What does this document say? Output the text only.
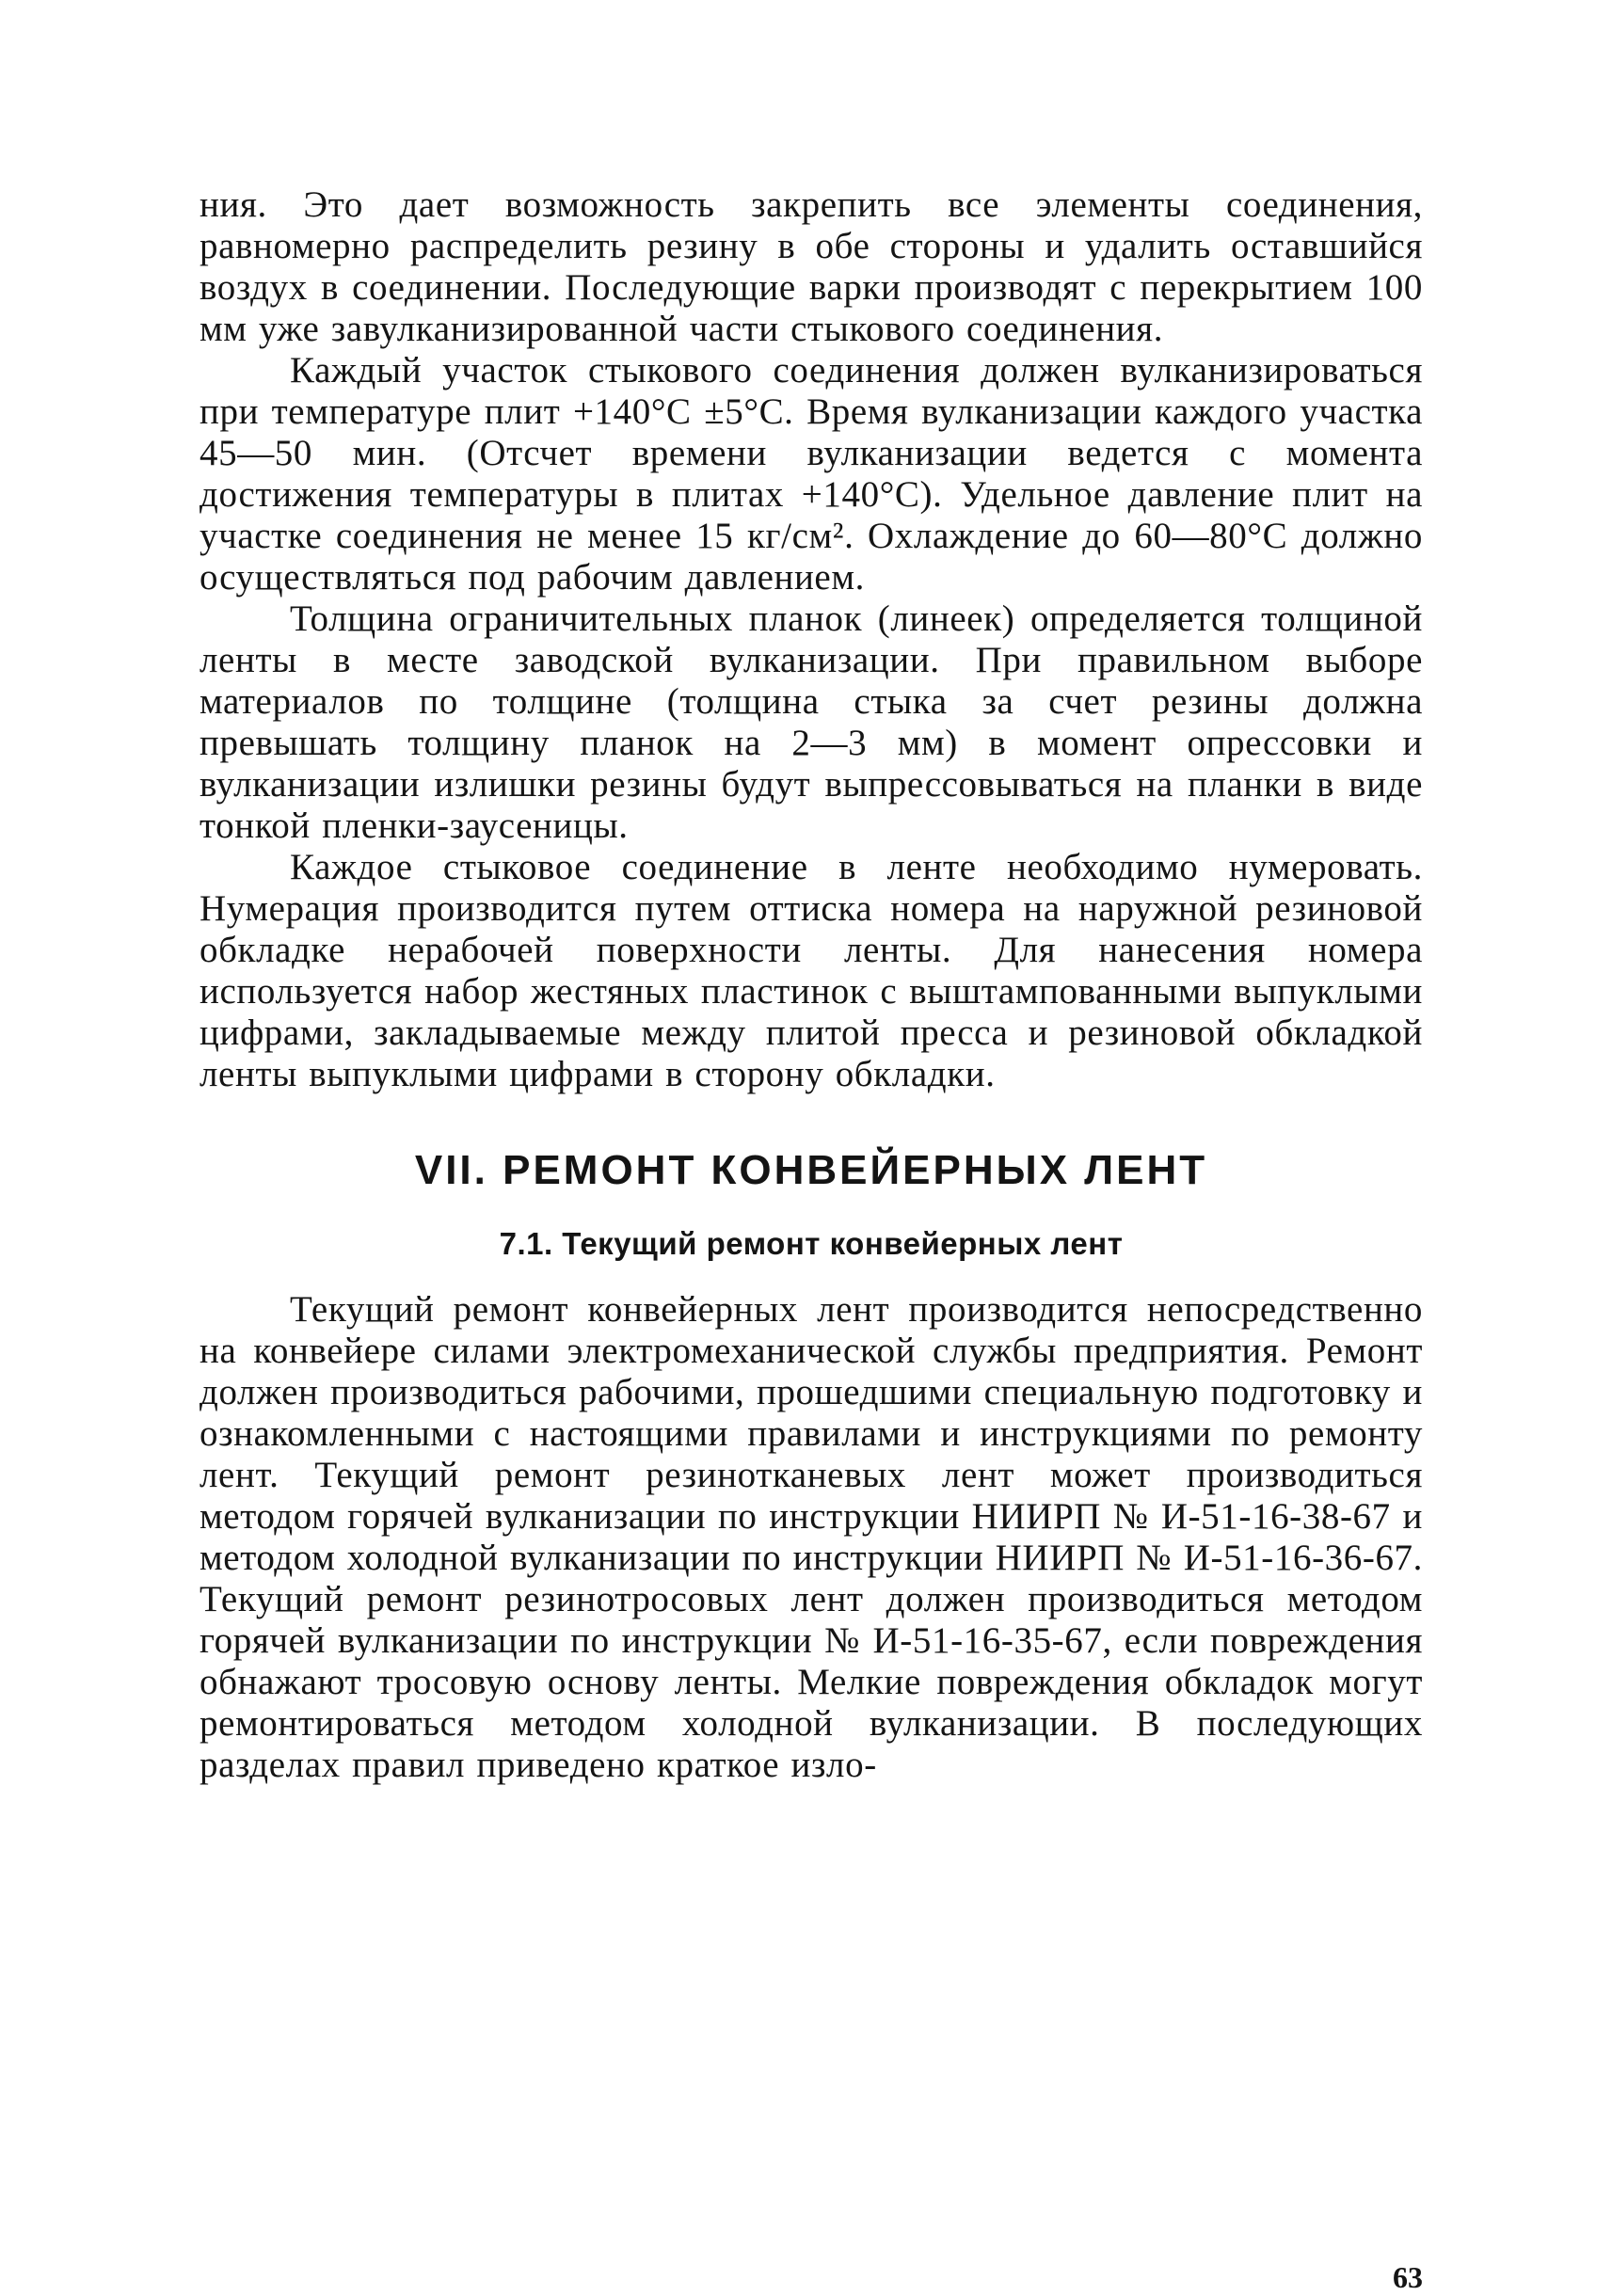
ния. Это дает возможность закрепить все элементы соединения, равномерно распределить резину в обе стороны и удалить оставшийся воздух в соединении. Последующие варки производят с перекрытием 100 мм уже завулканизированной части стыкового соединения.

Каждый участок стыкового соединения должен вулканизироваться при температуре плит +140°С ±5°С. Время вулканизации каждого участка 45—50 мин. (Отсчет времени вулканизации ведется с момента достижения температуры в плитах +140°С). Удельное давление плит на участке соединения не менее 15 кг/см². Охлаждение до 60—80°С должно осуществляться под рабочим давлением.

Толщина ограничительных планок (линеек) определяется толщиной ленты в месте заводской вулканизации. При правильном выборе материалов по толщине (толщина стыка за счет резины должна превышать толщину планок на 2—3 мм) в момент опрессовки и вулканизации излишки резины будут выпрессовываться на планки в виде тонкой пленки-заусеницы.

Каждое стыковое соединение в ленте необходимо нумеровать. Нумерация производится путем оттиска номера на наружной резиновой обкладке нерабочей поверхности ленты. Для нанесения номера используется набор жестяных пластинок с выштампованными выпуклыми цифрами, закладываемые между плитой пресса и резиновой обкладкой ленты выпуклыми цифрами в сторону обкладки.

VII. РЕМОНТ КОНВЕЙЕРНЫХ ЛЕНТ
7.1. Текущий ремонт конвейерных лент

Текущий ремонт конвейерных лент производится непосредственно на конвейере силами электромеханической службы предприятия. Ремонт должен производиться рабочими, прошедшими специальную подготовку и ознакомленными с настоящими правилами и инструкциями по ремонту лент. Текущий ремонт резинотканевых лент может производиться методом горячей вулканизации по инструкции НИИРП № И-51-16-38-67 и методом холодной вулканизации по инструкции НИИРП № И-51-16-36-67. Текущий ремонт резинотросовых лент должен производиться методом горячей вулканизации по инструкции № И-51-16-35-67, если повреждения обнажают тросовую основу ленты. Мелкие повреждения обкладок могут ремонтироваться методом холодной вулканизации. В последующих разделах правил приведено краткое изло-

63
